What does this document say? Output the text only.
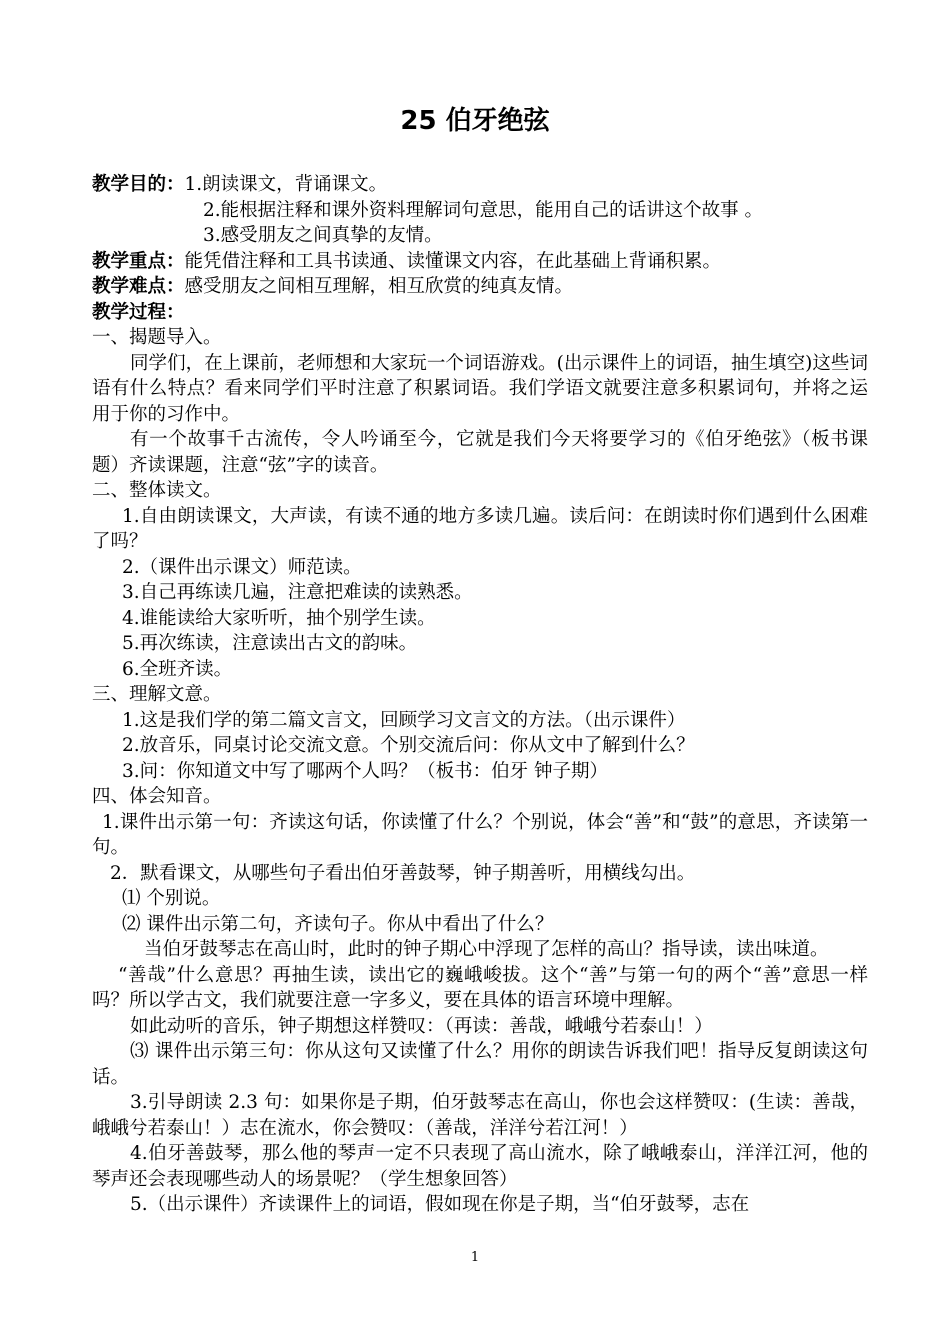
25 伯牙绝弦
教学目的：1.朗读课文，背诵课文。
2.能根据注释和课外资料理解词句意思，能用自己的话讲这个故事 。
3.感受朋友之间真挚的友情。
教学重点：能凭借注释和工具书读通、读懂课文内容，在此基础上背诵积累。
教学难点：感受朋友之间相互理解，相互欣赏的纯真友情。
教学过程：
一、揭题导入。
同学们，在上课前，老师想和大家玩一个词语游戏。(出示课件上的词语，抽生填空)这些词语有什么特点？看来同学们平时注意了积累词语。我们学语文就要注意多积累词句，并将之运用于你的习作中。
有一个故事千古流传，令人吟诵至今，它就是我们今天将要学习的《伯牙绝弦》（板书课题）齐读课题，注意“弦”字的读音。
二、整体读文。
1.自由朗读课文，大声读，有读不通的地方多读几遍。读后问：在朗读时你们遇到什么困难了吗？
2.（课件出示课文）师范读。
3.自己再练读几遍，注意把难读的读熟悉。
4.谁能读给大家听听，抽个别学生读。
5.再次练读，注意读出古文的韵味。
6.全班齐读。
三、理解文意。
1.这是我们学的第二篇文言文，回顾学习文言文的方法。（出示课件）
2.放音乐，同桌讨论交流文意。个别交流后问：你从文中了解到什么？
3.问：你知道文中写了哪两个人吗？（板书：伯牙 钟子期）
四、体会知音。
1.课件出示第一句：齐读这句话，你读懂了什么？个别说，体会“善”和“鼓”的意思，齐读第一句。
2．默看课文，从哪些句子看出伯牙善鼓琴，钟子期善听，用横线勾出。
⑴ 个别说。
⑵ 课件出示第二句，齐读句子。你从中看出了什么？
当伯牙鼓琴志在高山时，此时的钟子期心中浮现了怎样的高山？指导读，读出味道。
“善哉”什么意思？再抽生读，读出它的巍峨峻拔。这个“善”与第一句的两个“善”意思一样吗？所以学古文，我们就要注意一字多义，要在具体的语言环境中理解。
如此动听的音乐，钟子期想这样赞叹：（再读：善哉，峨峨兮若泰山！）
⑶ 课件出示第三句：你从这句又读懂了什么？用你的朗读告诉我们吧！指导反复朗读这句话。
3.引导朗读 2.3 句：如果你是子期，伯牙鼓琴志在高山，你也会这样赞叹：(生读：善哉，峨峨兮若泰山！）志在流水，你会赞叹：（善哉，洋洋兮若江河！）
4.伯牙善鼓琴，那么他的琴声一定不只表现了高山流水，除了峨峨泰山，洋洋江河，他的琴声还会表现哪些动人的场景呢？（学生想象回答）
5.（出示课件）齐读课件上的词语，假如现在你是子期，当“伯牙鼓琴，志在
1
